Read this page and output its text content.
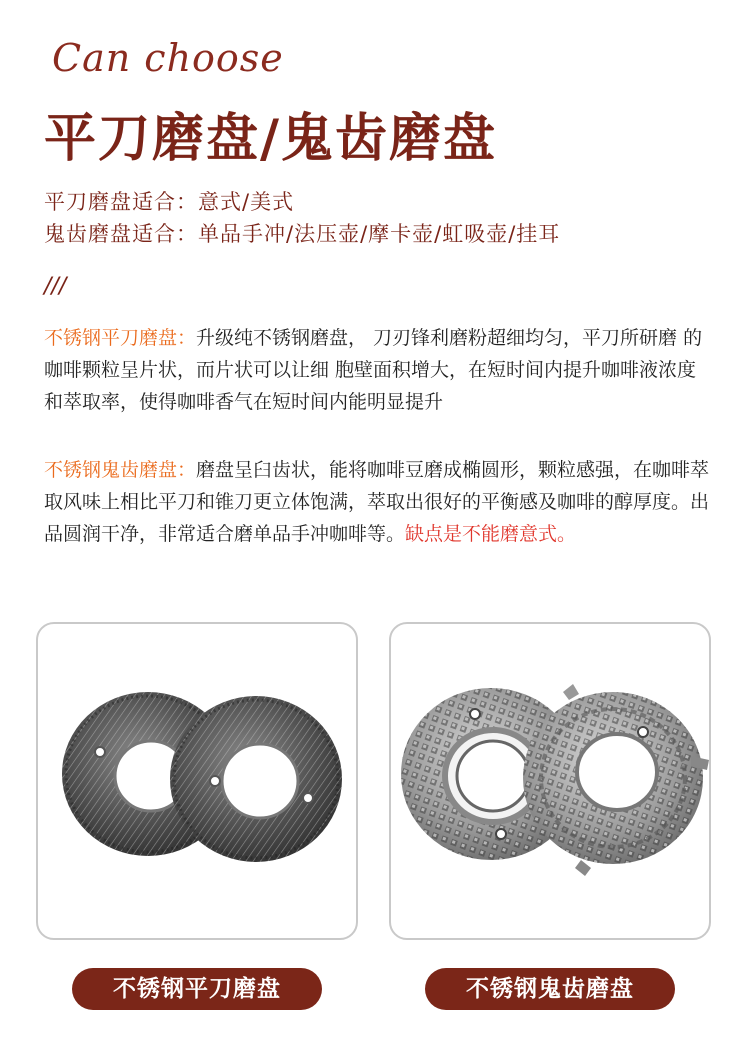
Can choose
平刀磨盘/鬼齿磨盘
平刀磨盘适合：意式/美式
鬼齿磨盘适合：单品手冲/法压壶/摩卡壶/虹吸壶/挂耳
///
不锈钢平刀磨盘：升级纯不锈钢磨盘， 刀刃锋利磨粉超细均匀，平刀所研磨 的咖啡颗粒呈片状，而片状可以让细 胞壁面积增大，在短时间内提升咖啡液浓度和萃取率，使得咖啡香气在短时间内能明显提升
不锈钢鬼齿磨盘：磨盘呈臼齿状，能将咖啡豆磨成椭圆形，颗粒感强，在咖啡萃取风味上相比平刀和锥刀更立体饱满，萃取出很好的平衡感及咖啡的醇厚度。出品圆润干净，非常适合磨单品手冲咖啡等。缺点是不能磨意式。
不锈钢平刀磨盘	不锈钢鬼齿磨盘
